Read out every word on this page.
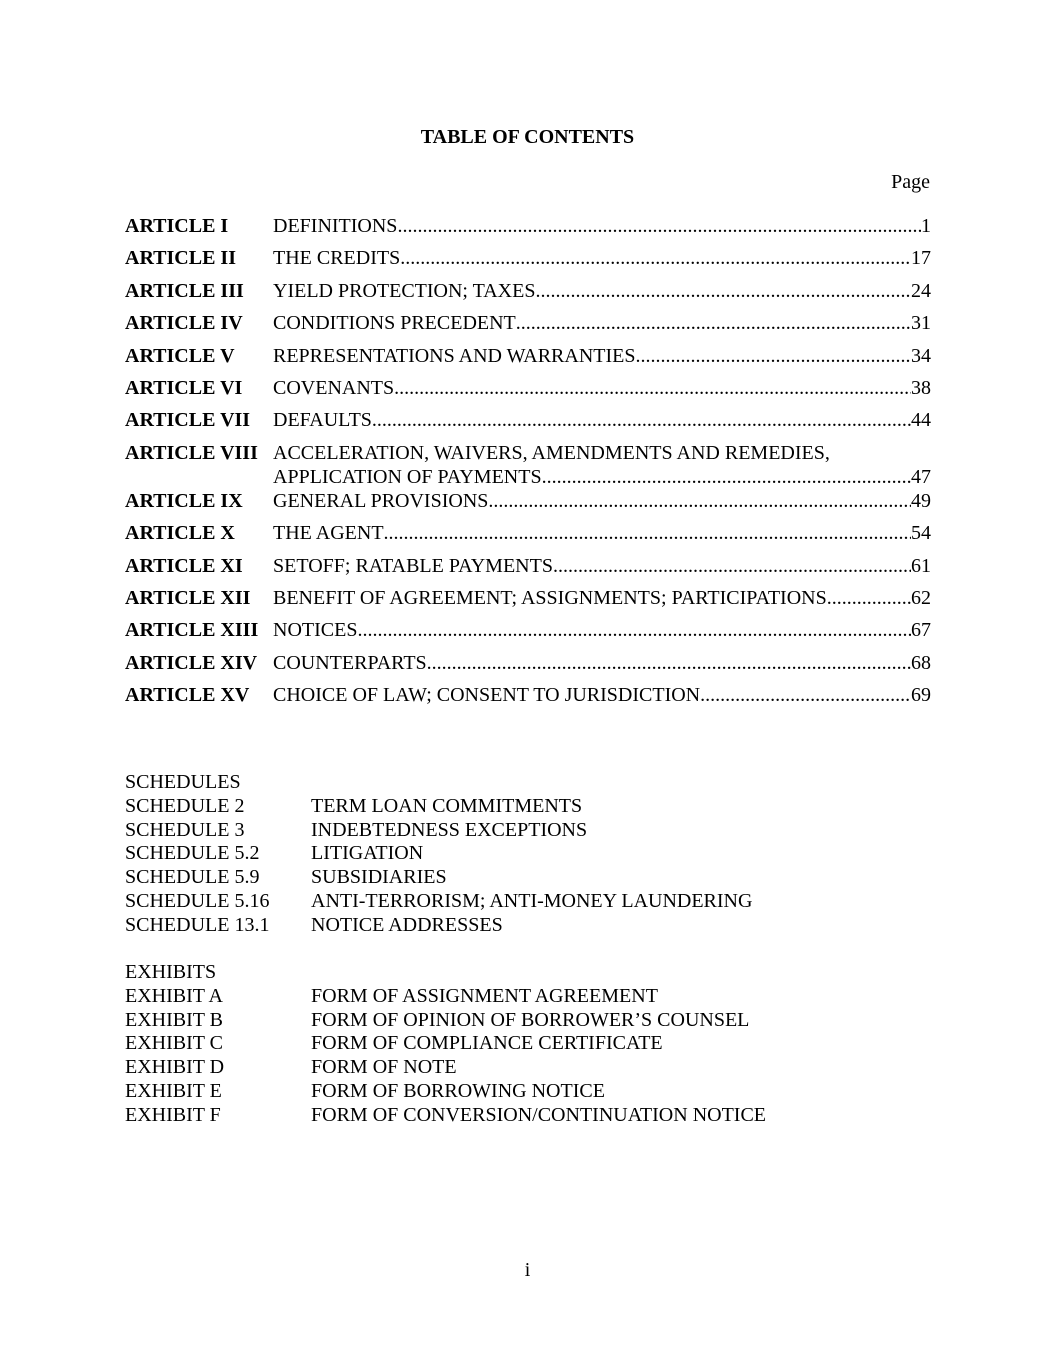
TABLE OF CONTENTS
Page
ARTICLE I	DEFINITIONS .....	1
ARTICLE II	THE CREDITS .....	17
ARTICLE III	YIELD PROTECTION; TAXES .....	24
ARTICLE IV	CONDITIONS PRECEDENT .....	31
ARTICLE V	REPRESENTATIONS AND WARRANTIES .....	34
ARTICLE VI	COVENANTS .....	38
ARTICLE VII	DEFAULTS .....	44
ARTICLE VIII ACCELERATION, WAIVERS, AMENDMENTS AND REMEDIES,
APPLICATION OF PAYMENTS .....	47
ARTICLE IX	GENERAL PROVISIONS .....	49
ARTICLE X	THE AGENT .....	54
ARTICLE XI	SETOFF; RATABLE PAYMENTS .....	61
ARTICLE XII	BENEFIT OF AGREEMENT; ASSIGNMENTS; PARTICIPATIONS .....	62
ARTICLE XIII NOTICES .....	67
ARTICLE XIV COUNTERPARTS .....	68
ARTICLE XV	CHOICE OF LAW; CONSENT TO JURISDICTION .....	69
SCHEDULES
SCHEDULE 2	TERM LOAN COMMITMENTS
SCHEDULE 3	INDEBTEDNESS EXCEPTIONS
SCHEDULE 5.2	LITIGATION
SCHEDULE 5.9	SUBSIDIARIES
SCHEDULE 5.16	ANTI-TERRORISM; ANTI-MONEY LAUNDERING
SCHEDULE 13.1	NOTICE ADDRESSES
EXHIBITS
EXHIBIT A	FORM OF ASSIGNMENT AGREEMENT
EXHIBIT B	FORM OF OPINION OF BORROWER’S COUNSEL
EXHIBIT C	FORM OF COMPLIANCE CERTIFICATE
EXHIBIT D	FORM OF NOTE
EXHIBIT E	FORM OF BORROWING NOTICE
EXHIBIT F	FORM OF CONVERSION/CONTINUATION NOTICE
i
